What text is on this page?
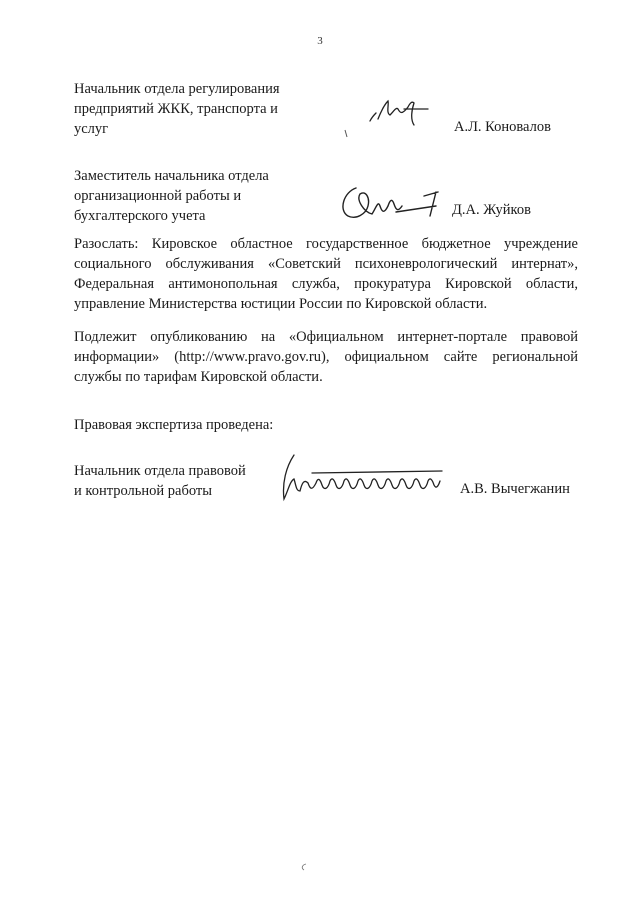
3
Начальник отдела регулирования
предприятий ЖКК, транспорта и
услуг	А.Л. Коновалов
Заместитель начальника отдела
организационной работы и
бухгалтерского учета	Д.А. Жуйков
Разослать: Кировское областное государственное бюджетное учреждение социального обслуживания «Советский психоневрологический интернат», Федеральная антимонопольная служба, прокуратура Кировской области, управление Министерства юстиции России по Кировской области.
Подлежит опубликованию на «Официальном интернет-портале правовой информации» (http://www.pravo.gov.ru), официальном сайте региональной службы по тарифам Кировской области.
Правовая экспертиза проведена:
Начальник отдела правовой
и контрольной работы	А.В. Вычегжанин
